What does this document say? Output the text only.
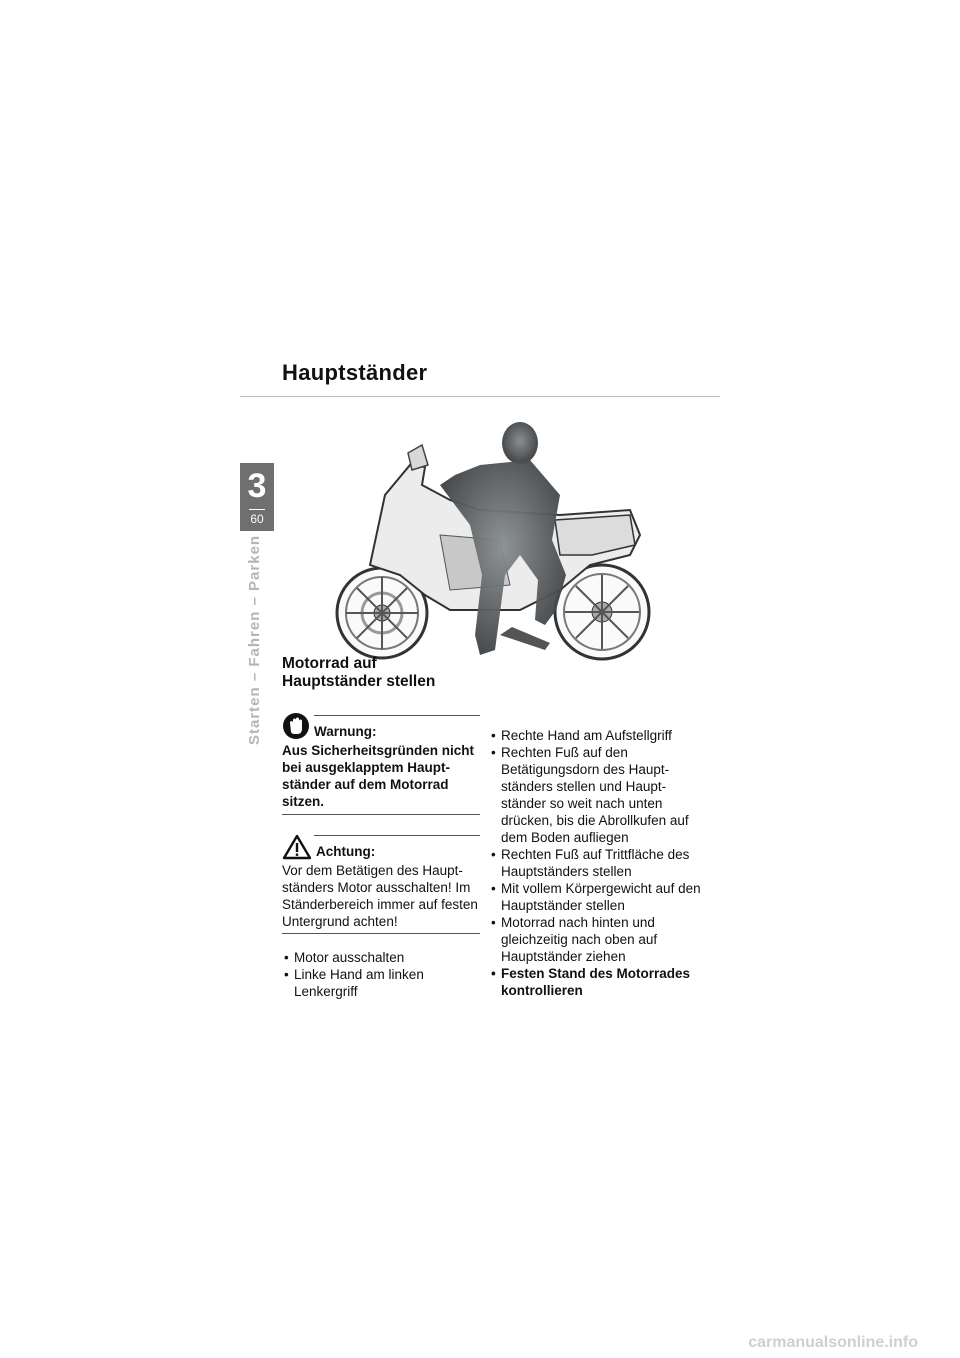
Hauptständer
3
60
Starten – Fahren – Parken Motorrad auf
Hauptständer stellen
Warnung:
Aus Sicherheitsgründen nicht bei ausgeklapptem Hauptständer auf dem Motorrad sitzen.
Achtung:
Vor dem Betätigen des Hauptständers Motor ausschalten! Im Ständerbereich immer auf festen Untergrund achten!
• Motor ausschalten
• Linke Hand am linken Lenkergriff
• Rechte Hand am Aufstellgriff
• Rechten Fuß auf den Betätigungsdorn des Hauptständers stellen und Hauptständer so weit nach unten drücken, bis die Abrollkufen auf dem Boden aufliegen
• Rechten Fuß auf Trittfläche des Hauptständers stellen
• Mit vollem Körpergewicht auf den Hauptständer stellen
• Motorrad nach hinten und gleichzeitig nach oben auf Hauptständer ziehen
• Festen Stand des Motorrades kontrollieren
carmanualsonline.info
